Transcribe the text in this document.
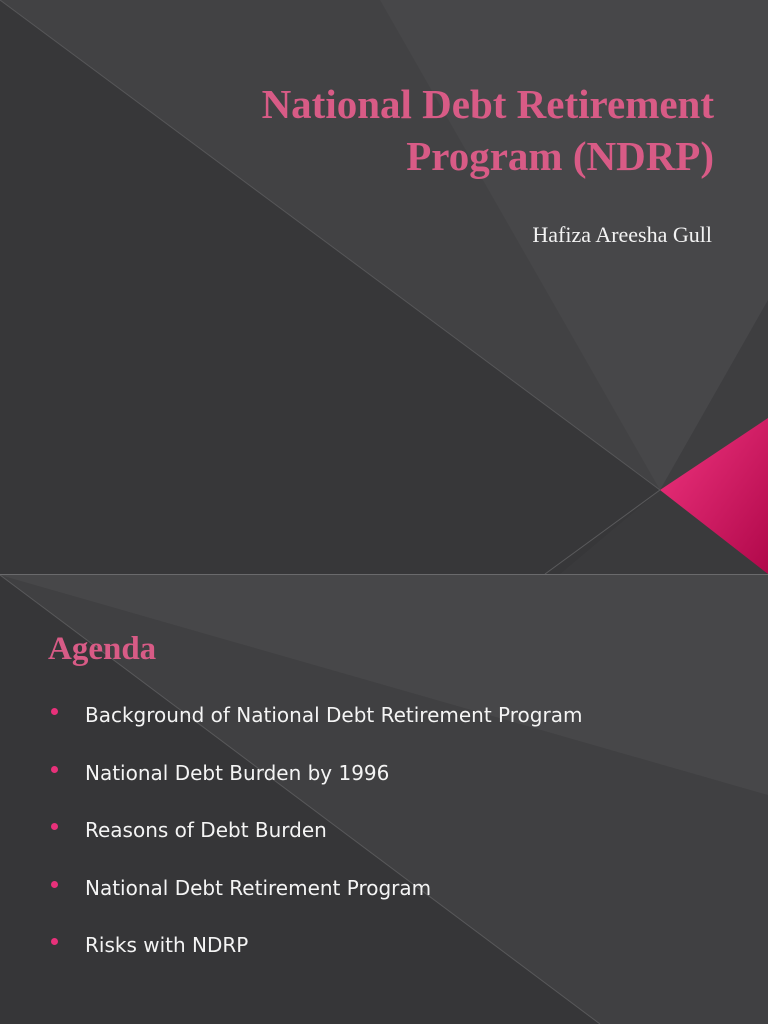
National Debt Retirement
Program (NDRP)

Hafiza Areesha Gull

Agenda
Background of National Debt Retirement Program
National Debt Burden by 1996
Reasons of Debt Burden
National Debt Retirement Program
Risks with NDRP
